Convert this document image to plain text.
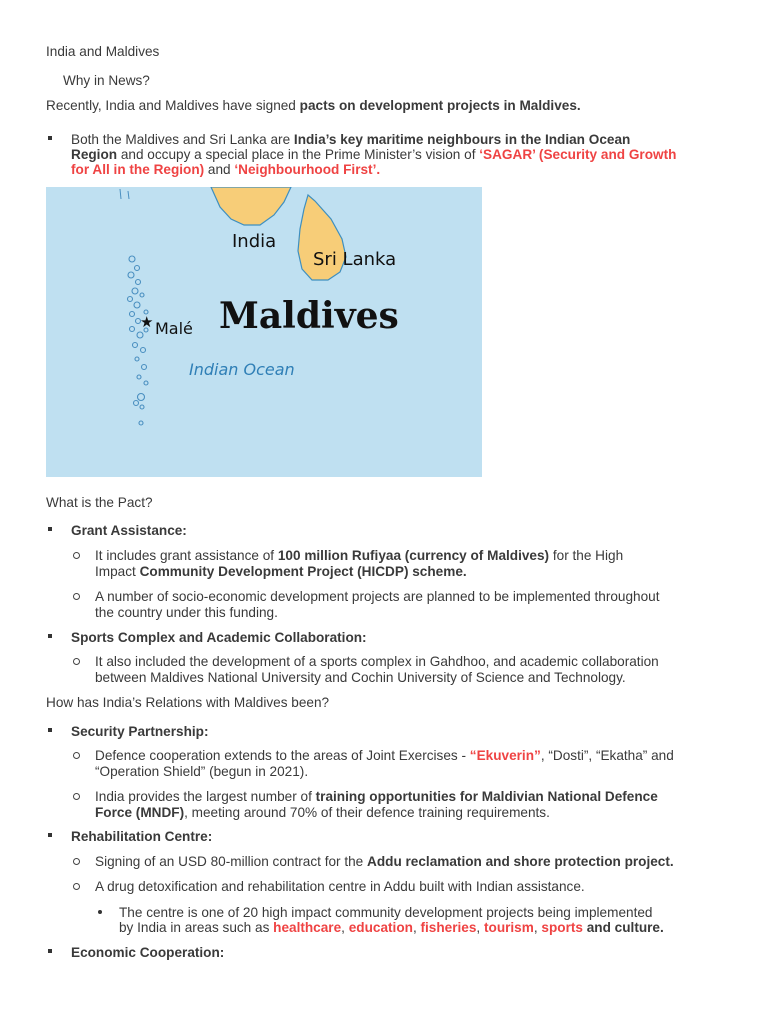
India and Maldives
Why in News?
Recently, India and Maldives have signed pacts on development projects in Maldives.
Both the Maldives and Sri Lanka are India’s key maritime neighbours in the Indian Ocean
Region and occupy a special place in the Prime Minister’s vision of ‘SAGAR’ (Security and Growth
for All in the Region) and ‘Neighbourhood First’.
India
Sri Lanka
Maldives
★ Malé
Indian Ocean
What is the Pact?
Grant Assistance:
It includes grant assistance of 100 million Rufiyaa (currency of Maldives) for the High
Impact Community Development Project (HICDP) scheme.
A number of socio-economic development projects are planned to be implemented throughout
the country under this funding.
Sports Complex and Academic Collaboration:
It also included the development of a sports complex in Gahdhoo, and academic collaboration
between Maldives National University and Cochin University of Science and Technology.
How has India’s Relations with Maldives been?
Security Partnership:
Defence cooperation extends to the areas of Joint Exercises - “Ekuverin”, “Dosti”, “Ekatha” and
“Operation Shield” (begun in 2021).
India provides the largest number of training opportunities for Maldivian National Defence
Force (MNDF), meeting around 70% of their defence training requirements.
Rehabilitation Centre:
Signing of an USD 80-million contract for the Addu reclamation and shore protection project.
A drug detoxification and rehabilitation centre in Addu built with Indian assistance.
The centre is one of 20 high impact community development projects being implemented
by India in areas such as healthcare, education, fisheries, tourism, sports and culture.
Economic Cooperation:
